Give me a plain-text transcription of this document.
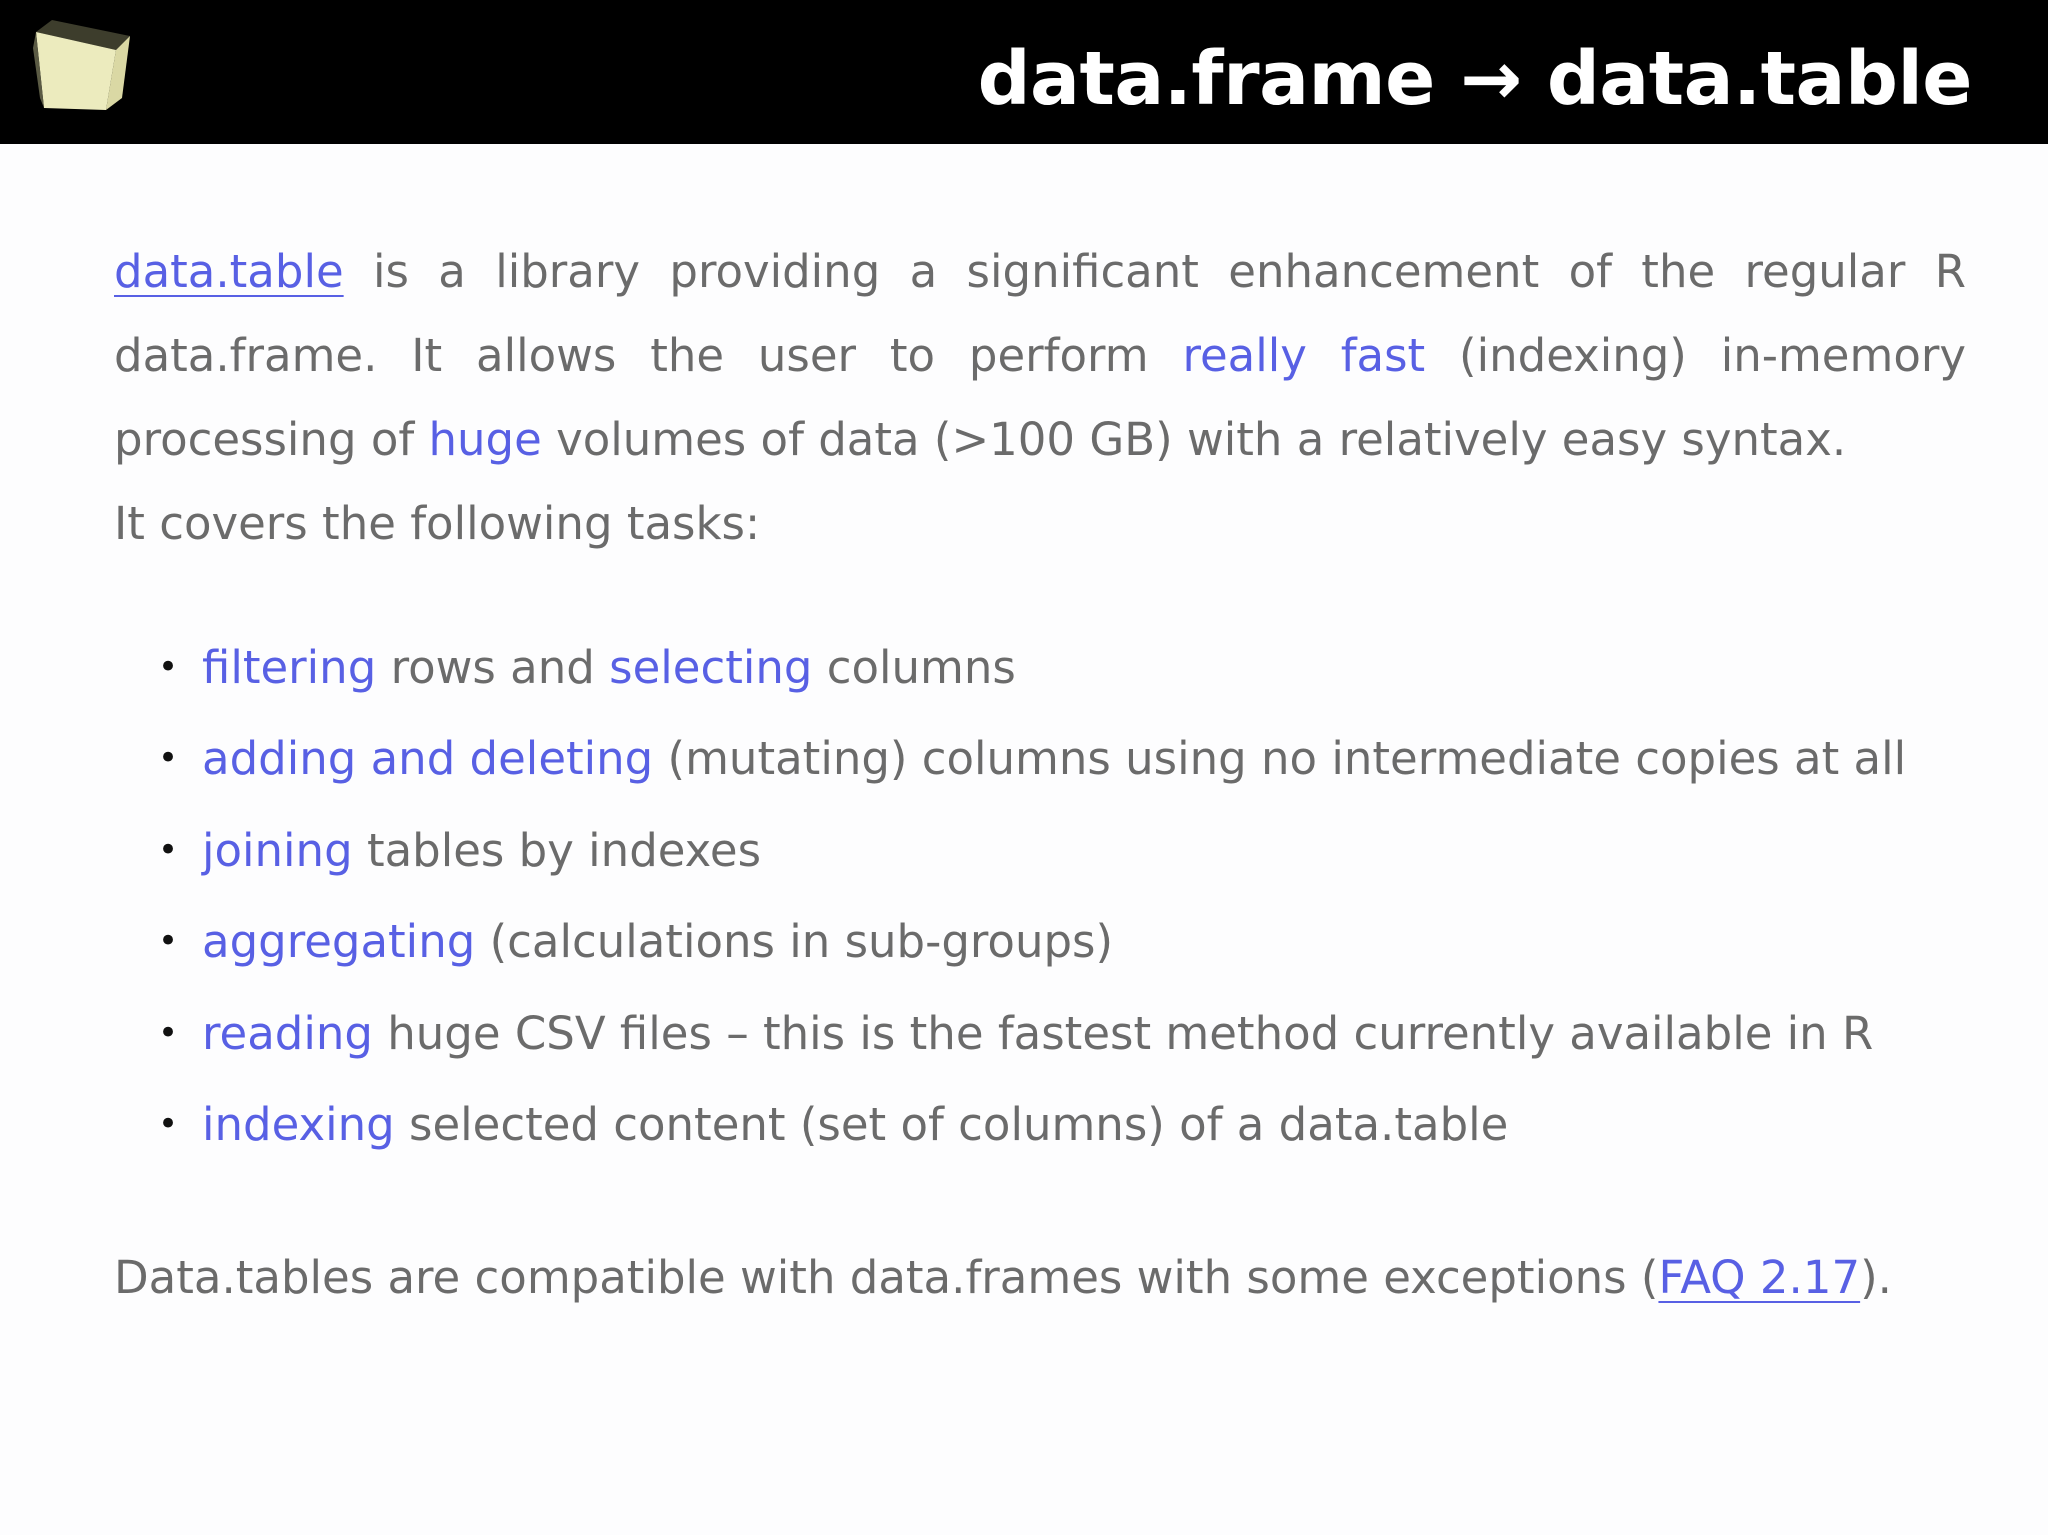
data.frame → data.table

data.table is a library providing a significant enhancement of the regular R data.frame. It allows the user to perform really fast (indexing) in-memory processing of huge volumes of data (>100 GB) with a relatively easy syntax.
It covers the following tasks:

• filtering rows and selecting columns
• adding and deleting (mutating) columns using no intermediate copies at all
• joining tables by indexes
• aggregating (calculations in sub-groups)
• reading huge CSV files – this is the fastest method currently available in R
• indexing selected content (set of columns) of a data.table

Data.tables are compatible with data.frames with some exceptions (FAQ 2.17).
